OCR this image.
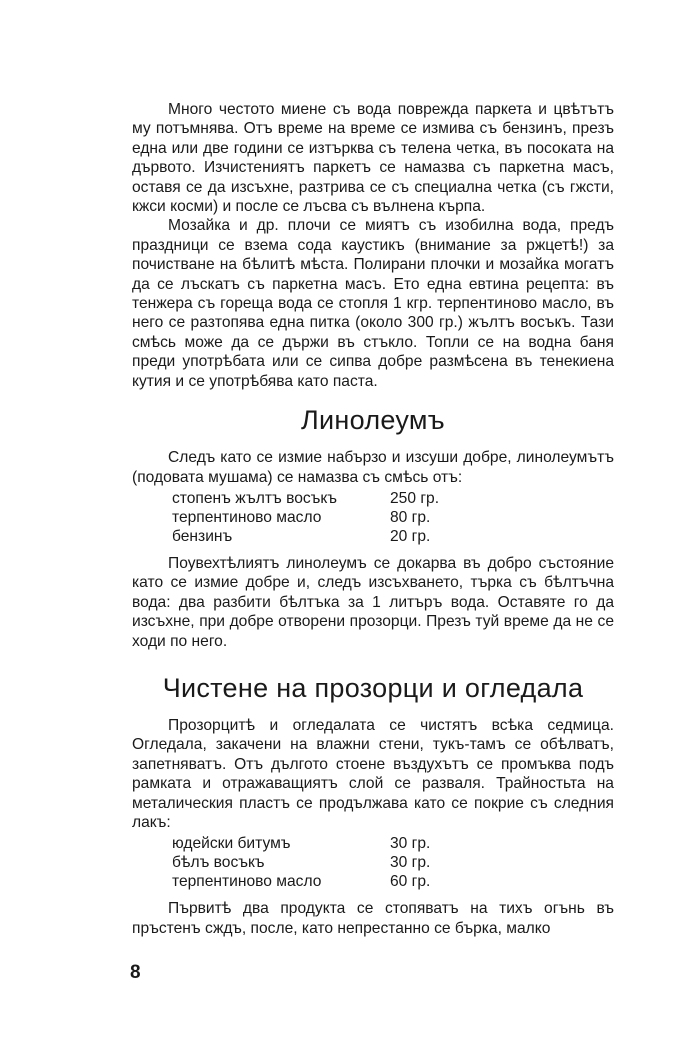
Много честото миене съ вода поврежда паркета и цвѣтътъ му потъмнява. Отъ време на време се измива съ бензинъ, презъ една или две години се изтърква съ телена четка, въ посоката на дървото. Изчистениятъ паркетъ се намазва съ паркетна масъ, оставя се да изсъхне, разтрива се съ специална четка (съ гжсти, кжси косми) и после се лъсва съ вълнена кърпа.

Мозайка и др. плочи се миятъ съ изобилна вода, предъ праздници се взема сода каустикъ (внимание за ржцетѣ!) за почистване на бѣлитѣ мѣста. Полирани плочки и мозайка могатъ да се лъскатъ съ паркетна масъ. Ето една евтина рецепта: въ тенжера съ гореща вода се стопля 1 кгр. терпентиново масло, въ него се разтопява една питка (около 300 гр.) жълтъ восъкъ. Тази смѣсь може да се държи въ стъкло. Топли се на водна баня преди употрѣбата или се сипва добре размѣсена въ тенекиена кутия и се употрѣбява като паста.

Линолеумъ

Следъ като се измие набързо и изсуши добре, линолеумътъ (подовата мушама) се намазва съ смѣсь отъ:

стопенъ жълтъ восъкъ	250 гр.
терпентиново масло	80 гр.
бензинъ	20 гр.

Поувехтѣлиятъ линолеумъ се докарва въ добро състояние като се измие добре и, следъ изсъхването, търка съ бѣлтъчна вода: два разбити бѣлтъка за 1 литъръ вода. Оставяте го да изсъхне, при добре отворени прозорци. Презъ туй време да не се ходи по него.

Чистене на прозорци и огледала

Прозорцитѣ и огледалата се чистятъ всѣка седмица. Огледала, закачени на влажни стени, тукъ-тамъ се обѣлватъ, запетняватъ. Отъ дългото стоене въздухътъ се промъква подъ рамката и отражаващиятъ слой се разваля. Трайностьта на металическия пластъ се продължава като се покрие съ следния лакъ:

юдейски битумъ	30 гр.
бѣлъ восъкъ	30 гр.
терпентиново масло	60 гр.

Първитѣ два продукта се стопяватъ на тихъ огънь въ пръстенъ сждъ, после, като непрестанно се бърка, малко

8
